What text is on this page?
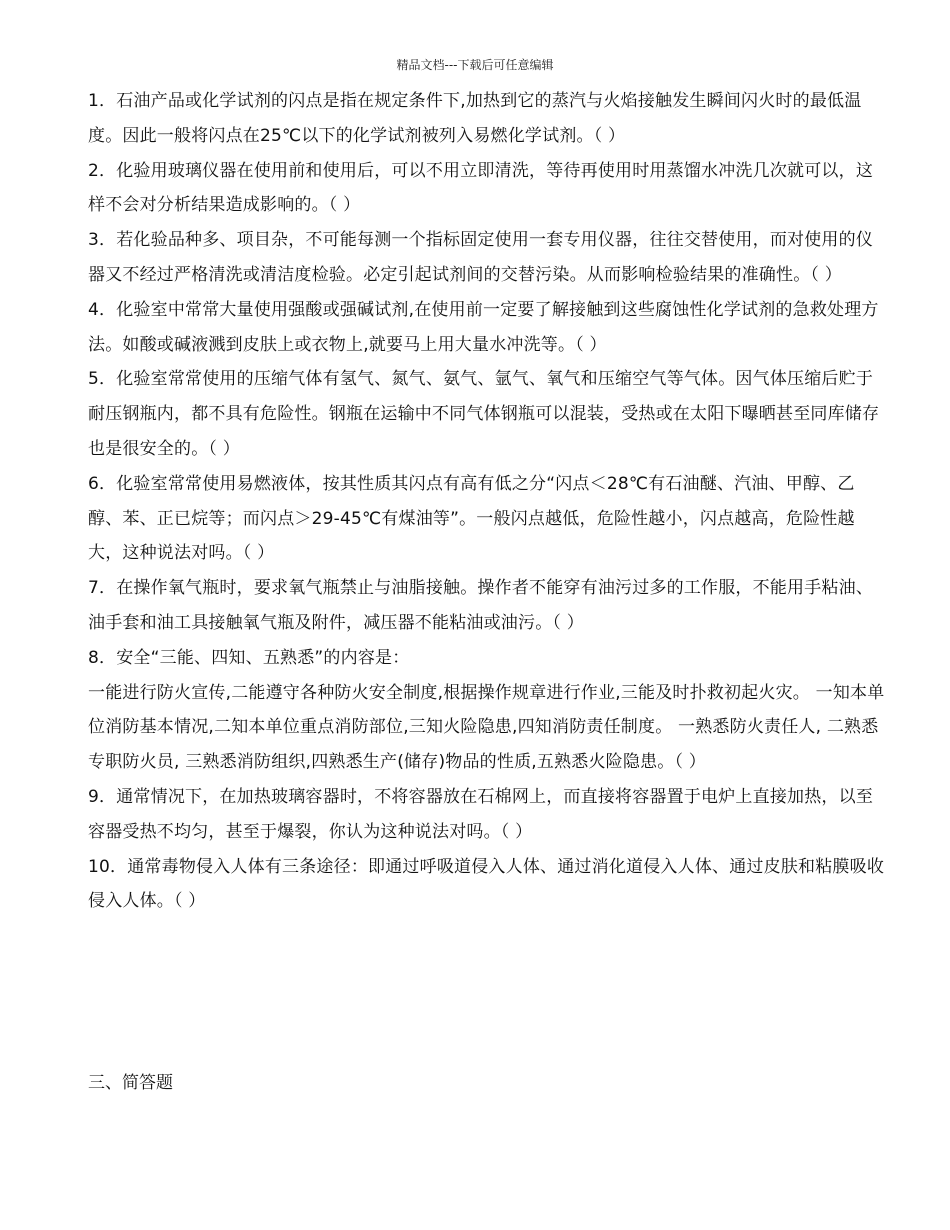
精品文档---下载后可任意编辑

1．石油产品或化学试剂的闪点是指在规定条件下,加热到它的蒸汽与火焰接触发生瞬间闪火时的最低温度。因此一般将闪点在25℃以下的化学试剂被列入易燃化学试剂。（ ）

2．化验用玻璃仪器在使用前和使用后，可以不用立即清洗，等待再使用时用蒸馏水冲洗几次就可以，这样不会对分析结果造成影响的。（ ）

3．若化验品种多、项目杂，不可能每测一个指标固定使用一套专用仪器，往往交替使用，而对使用的仪器又不经过严格清洗或清洁度检验。必定引起试剂间的交替污染。从而影响检验结果的准确性。（ ）

4．化验室中常常大量使用强酸或强碱试剂,在使用前一定要了解接触到这些腐蚀性化学试剂的急救处理方法。如酸或碱液溅到皮肤上或衣物上,就要马上用大量水冲洗等。（ ）

5．化验室常常使用的压缩气体有氢气、氮气、氨气、氩气、氧气和压缩空气等气体。因气体压缩后贮于耐压钢瓶内，都不具有危险性。钢瓶在运输中不同气体钢瓶可以混装，受热或在太阳下曝晒甚至同库储存也是很安全的。（ ）

6．化验室常常使用易燃液体，按其性质其闪点有高有低之分“闪点＜28℃有石油醚、汽油、甲醇、乙醇、苯、正已烷等；而闪点＞29-45℃有煤油等”。一般闪点越低，危险性越小，闪点越高，危险性越大，这种说法对吗。（ ）

7．在操作氧气瓶时，要求氧气瓶禁止与油脂接触。操作者不能穿有油污过多的工作服，不能用手粘油、油手套和油工具接触氧气瓶及附件，减压器不能粘油或油污。（ ）

8．安全“三能、四知、五熟悉”的内容是：

一能进行防火宣传,二能遵守各种防火安全制度,根据操作规章进行作业,三能及时扑救初起火灾。 一知本单位消防基本情况,二知本单位重点消防部位,三知火险隐患,四知消防责任制度。 一熟悉防火责任人, 二熟悉专职防火员, 三熟悉消防组织,四熟悉生产(储存)物品的性质,五熟悉火险隐患。（ ）

9．通常情况下，在加热玻璃容器时，不将容器放在石棉网上，而直接将容器置于电炉上直接加热，以至容器受热不均匀，甚至于爆裂，你认为这种说法对吗。（ ）

10．通常毒物侵入人体有三条途径：即通过呼吸道侵入人体、通过消化道侵入人体、通过皮肤和粘膜吸收侵入人体。（ ）

三、简答题
